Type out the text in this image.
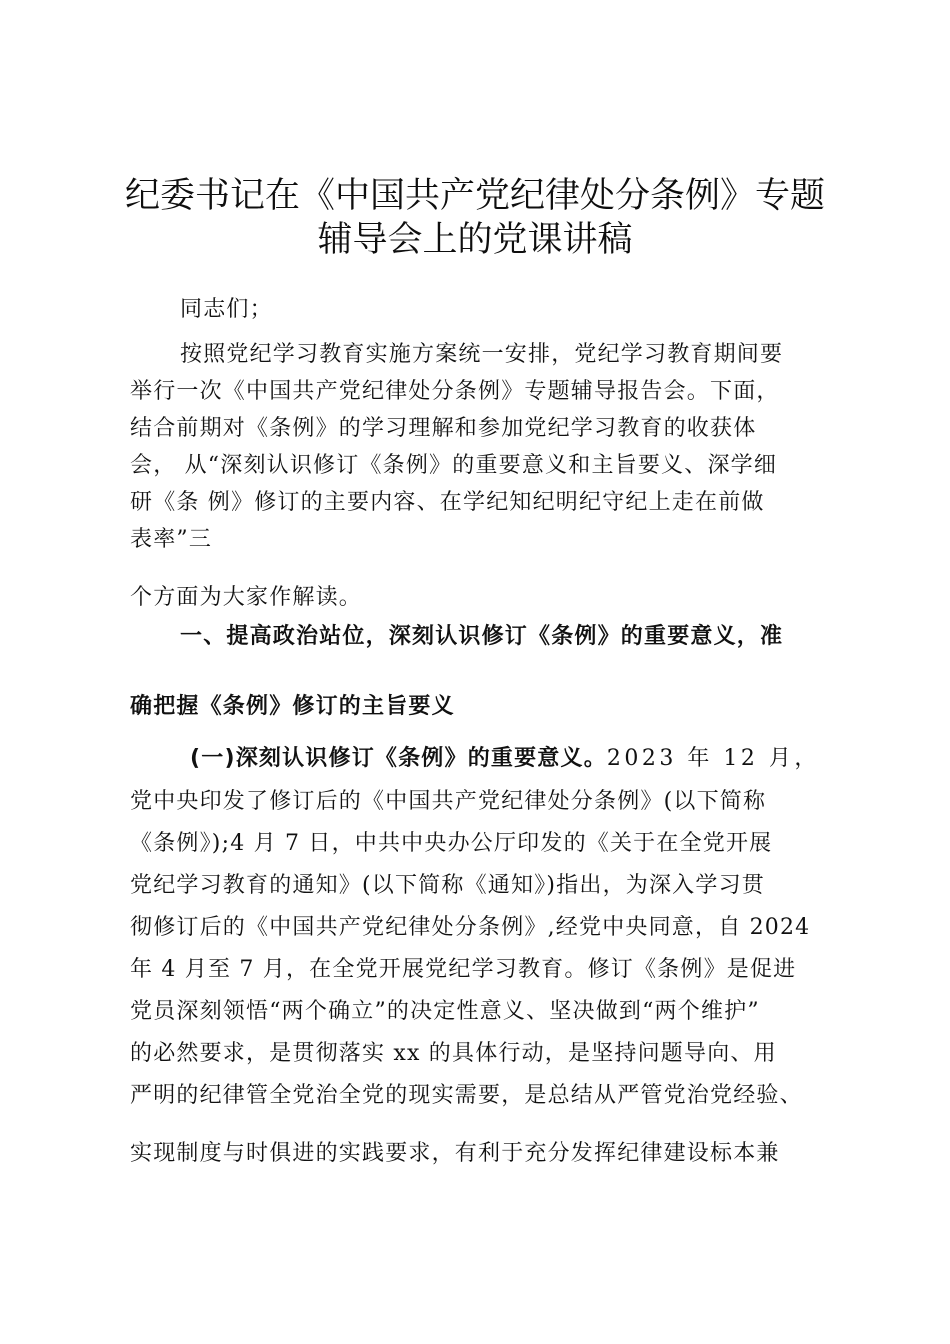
纪委书记在《中国共产党纪律处分条例》专题
辅导会上的党课讲稿
同志们；
按照党纪学习教育实施方案统一安排，党纪学习教育期间要
举行一次《中国共产党纪律处分条例》专题辅导报告会。下面，
结合前期对《条例》的学习理解和参加党纪学习教育的收获体
会， 从“深刻认识修订《条例》的重要意义和主旨要义、深学细
研《条 例》修订的主要内容、在学纪知纪明纪守纪上走在前做
表率”三
个方面为大家作解读。
一、提高政治站位，深刻认识修订《条例》的重要意义，准
确把握《条例》修订的主旨要义
(一)深刻认识修订《条例》的重要意义。2023 年 12 月，
党中央印发了修订后的《中国共产党纪律处分条例》(以下简称
《条例》);4 月 7 日，中共中央办公厅印发的《关于在全党开展
党纪学习教育的通知》(以下简称《通知》)指出，为深入学习贯
彻修订后的《中国共产党纪律处分条例》,经党中央同意，自 2024
年 4 月至 7 月，在全党开展党纪学习教育。修订《条例》是促进
党员深刻领悟“两个确立”的决定性意义、坚决做到“两个维护”
的必然要求，是贯彻落实 xx 的具体行动，是坚持问题导向、用
严明的纪律管全党治全党的现实需要，是总结从严管党治党经验、
实现制度与时俱进的实践要求，有利于充分发挥纪律建设标本兼
